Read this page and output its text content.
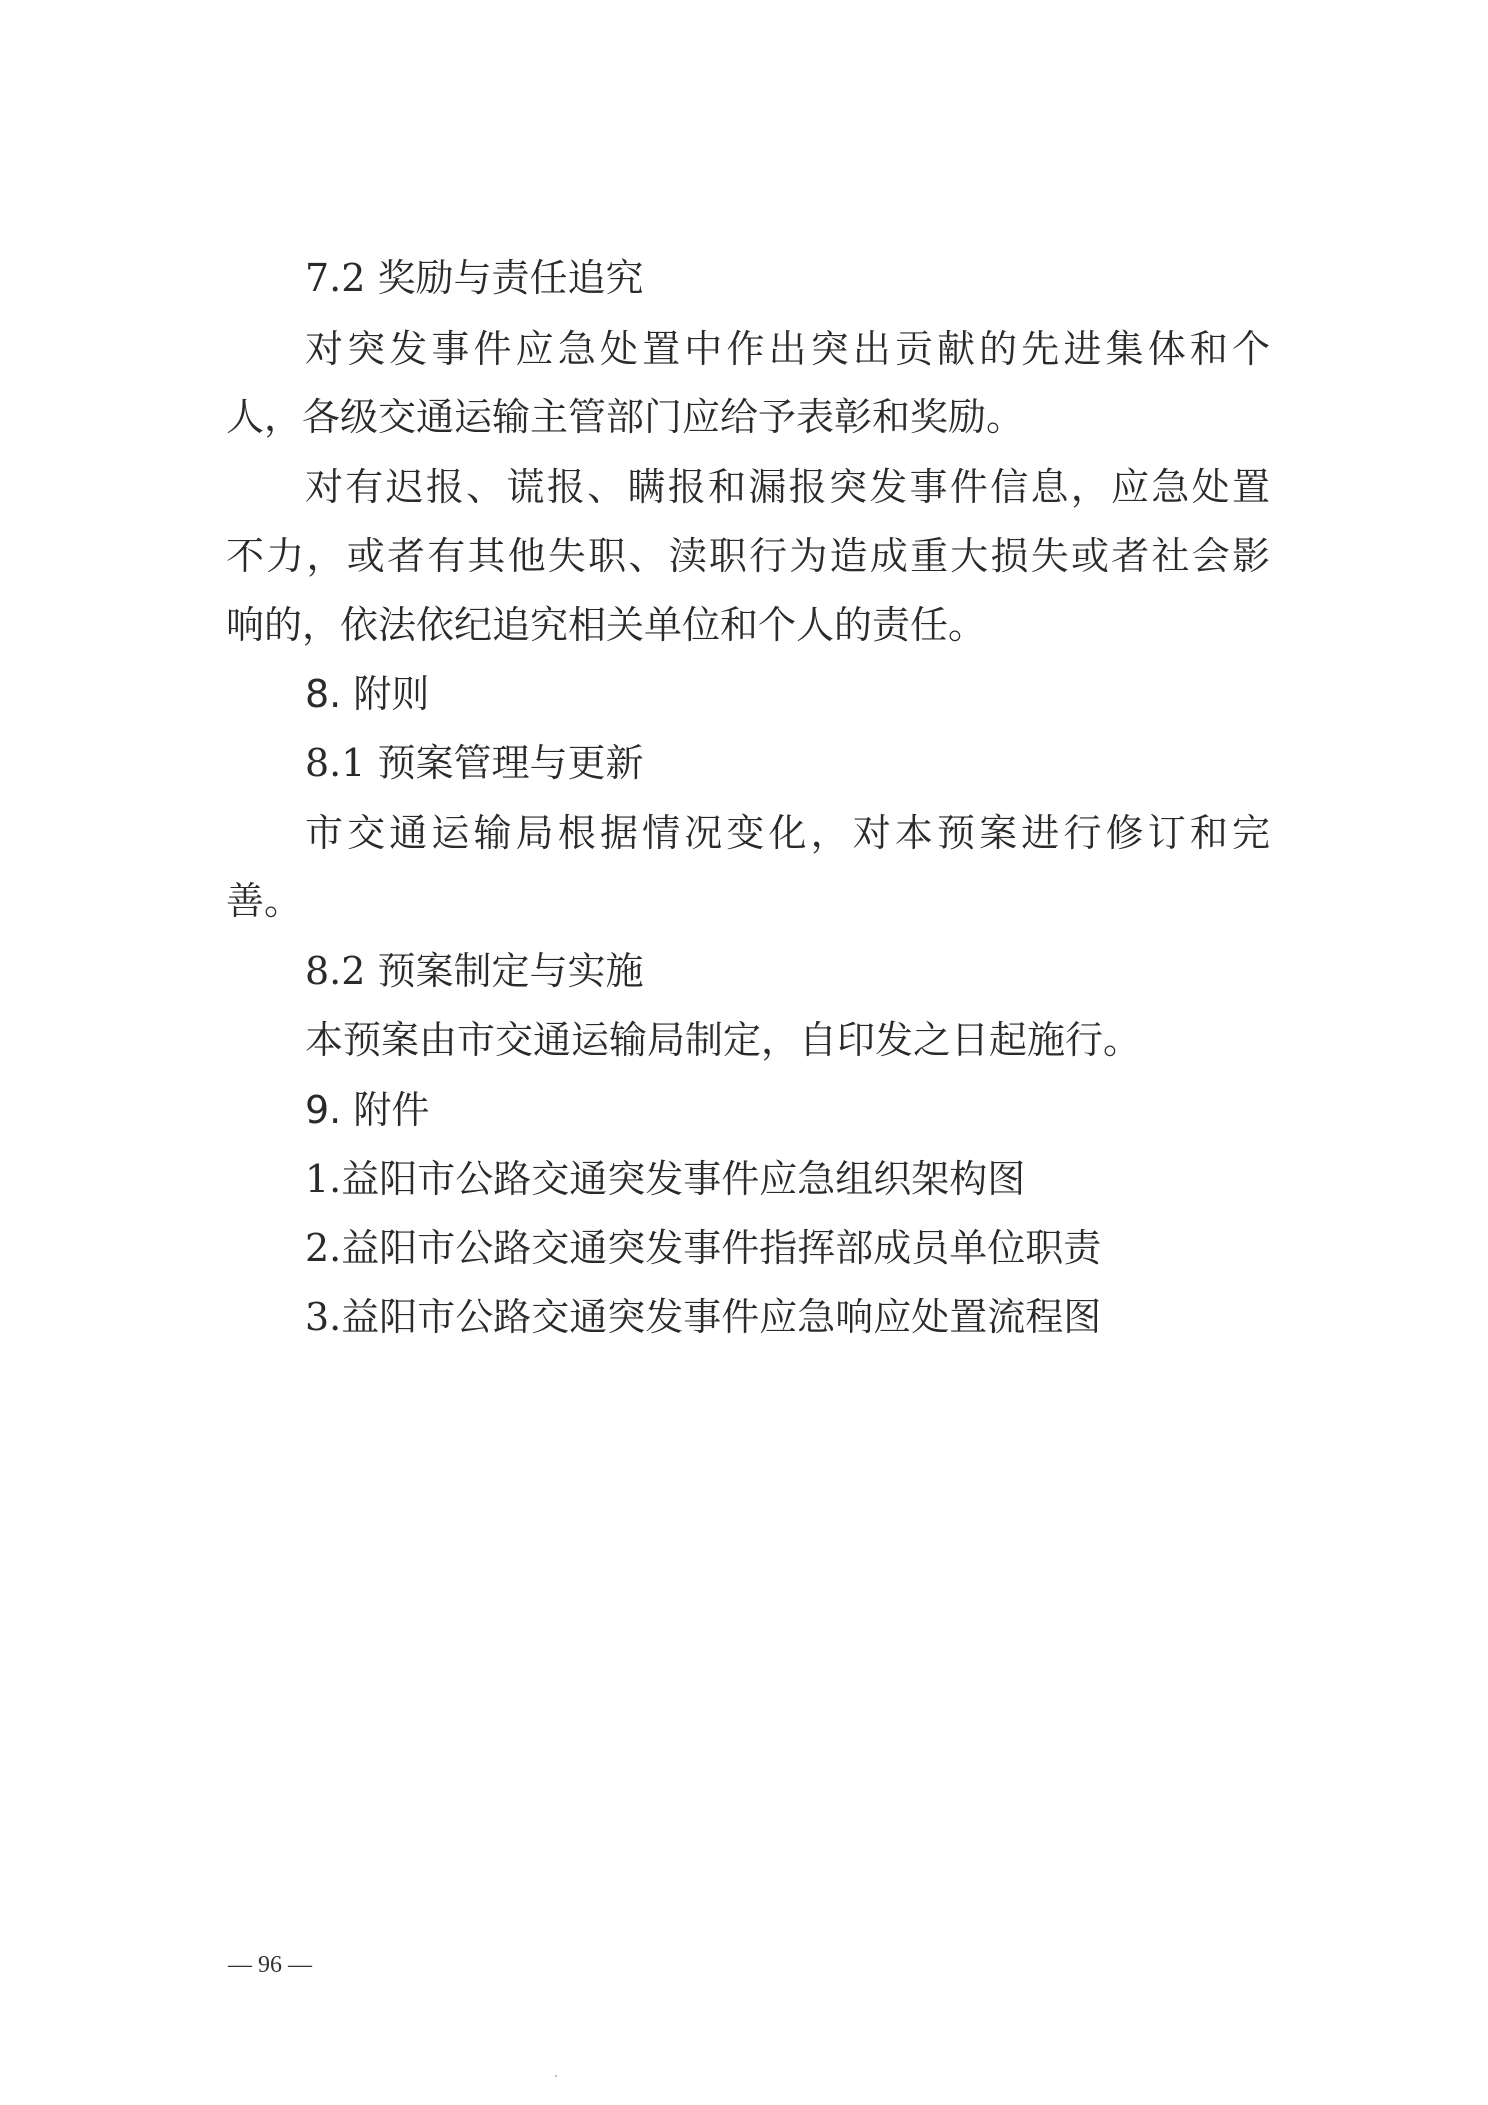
7.2 奖励与责任追究
对突发事件应急处置中作出突出贡献的先进集体和个
人，各级交通运输主管部门应给予表彰和奖励。
对有迟报、谎报、瞒报和漏报突发事件信息，应急处置
不力，或者有其他失职、渎职行为造成重大损失或者社会影
响的，依法依纪追究相关单位和个人的责任。
8. 附则
8.1 预案管理与更新
市交通运输局根据情况变化，对本预案进行修订和完
善。
8.2 预案制定与实施
本预案由市交通运输局制定，自印发之日起施行。
9. 附件
1.益阳市公路交通突发事件应急组织架构图
2.益阳市公路交通突发事件指挥部成员单位职责
3.益阳市公路交通突发事件应急响应处置流程图
— 96 —
